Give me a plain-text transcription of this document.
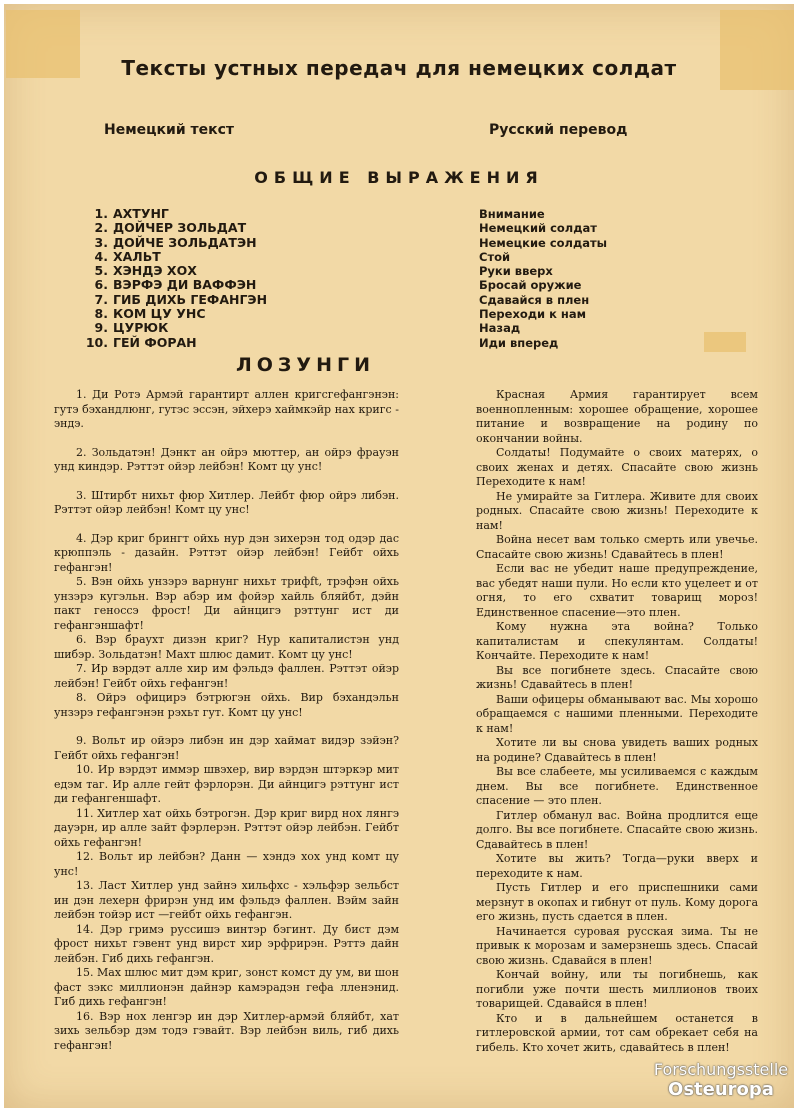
Тексты устных передач для немецких солдат
Немецкий текст	Русский перевод
ОБЩИЕ ВЫРАЖЕНИЯ
1. АХТУНГ
2. ДОЙЧЕР ЗОЛЬДАТ
3. ДОЙЧЕ ЗОЛЬДАТЭН
4. ХАЛЬТ
5. ХЭНДЭ ХОХ
6. ВЭРФЭ ДИ ВАФФЭН
7. ГИБ ДИХЬ ГЕФАНГЭН
8. КОМ ЦУ УНС
9. ЦУРЮК
10. ГЕЙ ФОРАН
Внимание
Немецкий солдат
Немецкие солдаты
Стой
Руки вверх
Бросай оружие
Сдавайся в плен
Переходи к нам
Назад
Иди вперед
ЛОЗУНГИ

1. Ди Ротэ Армэй гарантирт аллен кригсгефангэнэн: гутэ бэхандлюнг, гутэс эссэн, эйхерэ хаймкэйр нах кригс - эндэ.

2. Зольдатэн! Дэнкт ан ойрэ мюттер, ан ойрэ фрауэн унд киндэр. Рэттэт ойэр лейбэн! Комт цу унс!

3. Штирбт нихьт фюр Хитлер. Лейбт фюр ойрэ либэн. Рэттэт ойэр лейбэн! Комт цу унс!

4. Дэр криг брингт ойхь нур дэн зихерэн тод одэр дас крюппэль - дазайн. Рэттэт ойэр лейбэн! Гейбт ойхь гефангэн!

5. Вэн ойхь унзэрэ варнунг нихьт трифft, трэфэн ойхь унзэрэ кугэльн. Вэр абэр им фойэр хайль бляйбт, дэйн пакт геноссэ фрост! Ди айнцигэ рэттунг ист ди гефангэншафт!

6. Вэр браухт дизэн криг? Нур капиталистэн унд шибэр. Зольдатэн! Махт шлюс дамит. Комт цу унс!

7. Ир вэрдэт алле хир им фэльдэ фаллен. Рэттэт ойэр лейбэн! Гейбт ойхь гефангэн!

8. Ойрэ официрэ бэтрюгэн ойхь. Вир бэхандэльн унзэрэ гефангэнэн рэхьт гут. Комт цу унс!

9. Вольт ир ойэрэ либэн ин дэр хаймат видэр зэйэн? Гейбт ойхь гефангэн!

10. Ир вэрдэт иммэр швэхер, вир вэрдэн штэркэр мит едэм таг. Ир алле гейт фэрлорэн. Ди айнцигэ рэттунг ист ди гефангеншафт.

11. Хитлер хат ойхь бэтрогэн. Дэр криг вирд нох лянгэ дауэрн, ир алле зайт фэрлерэн. Рэттэт ойэр лейбэн. Гейбт ойхь гефангэн!

12. Вольт ир лейбэн? Данн — хэндэ хох унд комт цу унс!

13. Ласт Хитлер унд зайнэ хильфхс - хэльфэр зельбст ин дэн лехерн фрирэн унд им фэльдэ фаллен. Вэйм зайн лейбэн тойэр ист —гейбт ойхь гефангэн.

14. Дэр гримэ руссишэ винтэр бэгинт. Ду бист дэм фрост нихьт гэвент унд вирст хир эрфрирэн. Рэттэ дайн лейбэн. Гиб дихь гефангэн.

15. Мах шлюс мит дэм криг, зонст комст ду ум, ви шон фаст зэкс миллионэн дайнэр камэрадэн гефа лленэнид. Гиб дихь гефангэн!

16. Вэр нох ленгэр ин дэр Хитлер-армэй бляйбт, хат зихь зельбэр дэм тодэ гэвайт. Вэр лейбэн виль, гиб дихь гефангэн!

Красная Армия гарантирует всем военнопленным: хорошее обращение, хорошее питание и возвращение на родину по окончании войны.

Солдаты! Подумайте о своих матерях, о своих женах и детях. Спасайте свою жизнь Переходите к нам!

Не умирайте за Гитлера. Живите для своих родных. Спасайте свою жизнь! Переходите к нам!

Война несет вам только смерть или увечье. Спасайте свою жизнь! Сдавайтесь в плен!

Если вас не убедит наше предупреждение, вас убедят наши пули. Но если кто уцелеет и от огня, то его схватит товарищ мороз! Единственное спасение—это плен.

Кому нужна эта война? Только капиталистам и спекулянтам. Солдаты! Кончайте. Переходите к нам!

Вы все погибнете здесь. Спасайте свою жизнь! Сдавайтесь в плен!

Ваши офицеры обманывают вас. Мы хорошо обращаемся с нашими пленными. Переходите к нам!

Хотите ли вы снова увидеть ваших родных на родине? Сдавайтесь в плен!

Вы все слабеете, мы усиливаемся с каждым днем. Вы все погибнете. Единственное спасение — это плен.

Гитлер обманул вас. Война продлится еще долго. Вы все погибнете. Спасайте свою жизнь. Сдавайтесь в плен!

Хотите вы жить? Тогда—руки вверх и переходите к нам.

Пусть Гитлер и его приспешники сами мерзнут в окопах и гибнут от пуль. Кому дорога его жизнь, пусть сдается в плен.

Начинается суровая русская зима. Ты не привык к морозам и замерзнешь здесь. Спасай свою жизнь. Сдавайся в плен!

Кончай войну, или ты погибнешь, как погибли уже почти шесть миллионов твоих товарищей. Сдавайся в плен!

Кто и в дальнейшем останется в гитлеровской армии, тот сам обрекает себя на гибель. Кто хочет жить, сдавайтесь в плен!

Forschungsstelle
Osteuropa
